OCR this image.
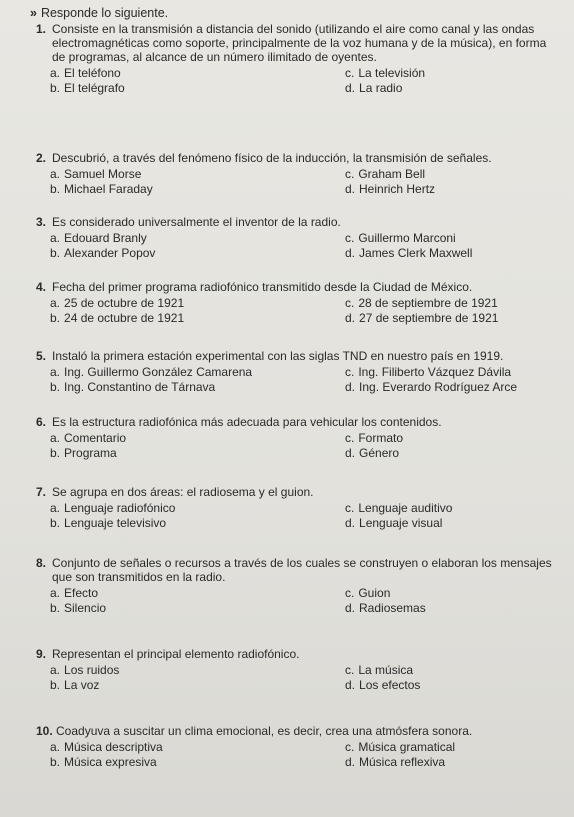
» Responde lo siguiente.
1. Consiste en la transmisión a distancia del sonido (utilizando el aire como canal y las ondas electromagnéticas como soporte, principalmente de la voz humana y de la música), en forma de programas, al alcance de un número ilimitado de oyentes.
a. El teléfono	c. La televisión
b. El telégrafo	d. La radio
2. Descubrió, a través del fenómeno físico de la inducción, la transmisión de señales.
a. Samuel Morse	c. Graham Bell
b. Michael Faraday	d. Heinrich Hertz
3. Es considerado universalmente el inventor de la radio.
a. Edouard Branly	c. Guillermo Marconi
b. Alexander Popov	d. James Clerk Maxwell
4. Fecha del primer programa radiofónico transmitido desde la Ciudad de México.
a. 25 de octubre de 1921	c. 28 de septiembre de 1921
b. 24 de octubre de 1921	d. 27 de septiembre de 1921
5. Instaló la primera estación experimental con las siglas TND en nuestro país en 1919.
a. Ing. Guillermo González Camarena	c. Ing. Filiberto Vázquez Dávila
b. Ing. Constantino de Tárnava	d. Ing. Everardo Rodríguez Arce
6. Es la estructura radiofónica más adecuada para vehicular los contenidos.
a. Comentario	c. Formato
b. Programa	d. Género
7. Se agrupa en dos áreas: el radiosema y el guion.
a. Lenguaje radiofónico	c. Lenguaje auditivo
b. Lenguaje televisivo	d. Lenguaje visual
8. Conjunto de señales o recursos a través de los cuales se construyen o elaboran los mensajes que son transmitidos en la radio.
a. Efecto	c. Guion
b. Silencio	d. Radiosemas
9. Representan el principal elemento radiofónico.
a. Los ruidos	c. La música
b. La voz	d. Los efectos
10. Coadyuva a suscitar un clima emocional, es decir, crea una atmósfera sonora.
a. Música descriptiva	c. Música gramatical
b. Música expresiva	d. Música reflexiva
